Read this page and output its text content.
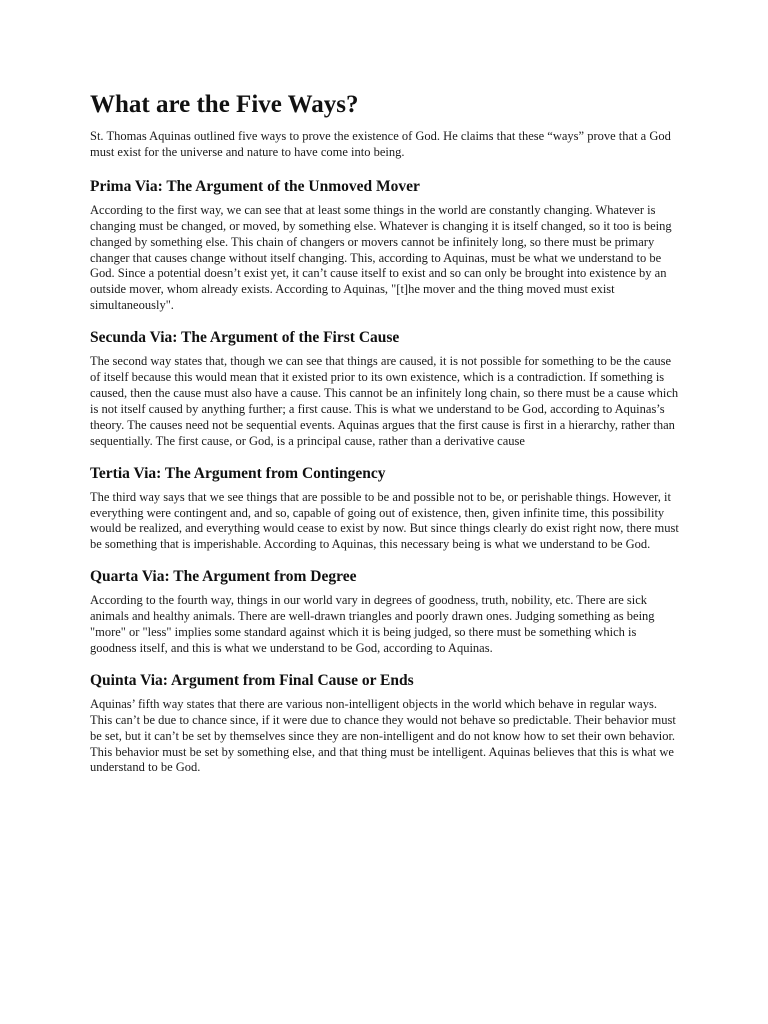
What are the Five Ways?

St. Thomas Aquinas outlined five ways to prove the existence of God. He claims that these “ways” prove that a God must exist for the universe and nature to have come into being.

Prima Via: The Argument of the Unmoved Mover

According to the first way, we can see that at least some things in the world are constantly changing. Whatever is changing must be changed, or moved, by something else. Whatever is changing it is itself changed, so it too is being changed by something else. This chain of changers or movers cannot be infinitely long, so there must be primary changer that causes change without itself changing. This, according to Aquinas, must be what we understand to be God. Since a potential doesn’t exist yet, it can’t cause itself to exist and so can only be brought into existence by an outside mover, whom already exists. According to Aquinas, "[t]he mover and the thing moved must exist simultaneously".

Secunda Via: The Argument of the First Cause

The second way states that, though we can see that things are caused, it is not possible for something to be the cause of itself because this would mean that it existed prior to its own existence, which is a contradiction. If something is caused, then the cause must also have a cause. This cannot be an infinitely long chain, so there must be a cause which is not itself caused by anything further; a first cause. This is what we understand to be God, according to Aquinas’s theory. The causes need not be sequential events. Aquinas argues that the first cause is first in a hierarchy, rather than sequentially. The first cause, or God, is a principal cause, rather than a derivative cause

Tertia Via: The Argument from Contingency

The third way says that we see things that are possible to be and possible not to be, or perishable things. However, it everything were contingent and, and so, capable of going out of existence, then, given infinite time, this possibility would be realized, and everything would cease to exist by now. But since things clearly do exist right now, there must be something that is imperishable. According to Aquinas, this necessary being is what we understand to be God.

Quarta Via: The Argument from Degree

According to the fourth way, things in our world vary in degrees of goodness, truth, nobility, etc. There are sick animals and healthy animals. There are well-drawn triangles and poorly drawn ones. Judging something as being "more" or "less" implies some standard against which it is being judged, so there must be something which is goodness itself, and this is what we understand to be God, according to Aquinas.

Quinta Via: Argument from Final Cause or Ends

Aquinas’ fifth way states that there are various non-intelligent objects in the world which behave in regular ways. This can’t be due to chance since, if it were due to chance they would not behave so predictable. Their behavior must be set, but it can’t be set by themselves since they are non-intelligent and do not know how to set their own behavior. This behavior must be set by something else, and that thing must be intelligent. Aquinas believes that this is what we understand to be God.
